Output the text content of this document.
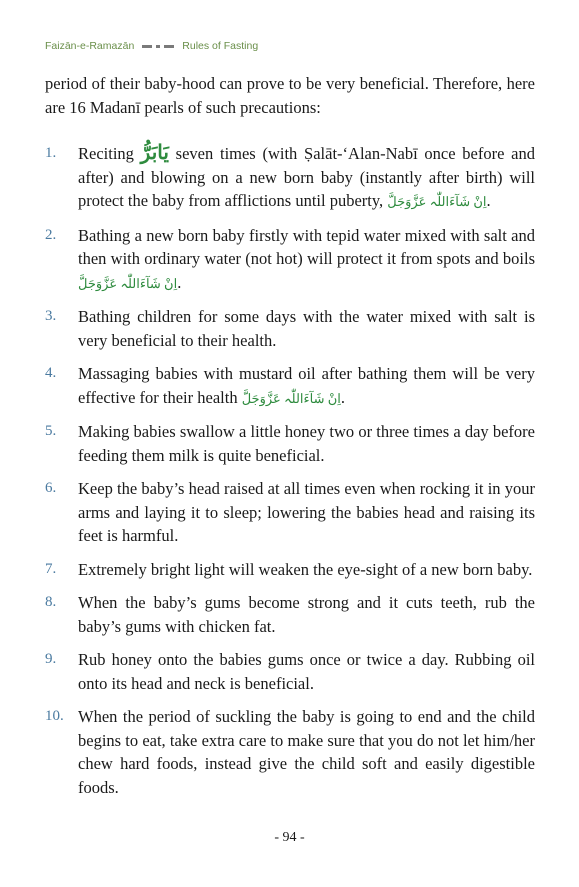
Faizān-e-Ramazān	Rules of Fasting
period of their baby-hood can prove to be very beneficial. Therefore, here are 16 Madanī pearls of such precautions:
1.	Reciting يَابَرُّ seven times (with Ṣalāt-‘Alan-Nabī once before and after) and blowing on a new born baby (instantly after birth) will protect the baby from afflictions until puberty, اِنْ شَآءَاللّٰہ عَزَّوَجَلَّ.
2.	Bathing a new born baby firstly with tepid water mixed with salt and then with ordinary water (not hot) will protect it from spots and boils اِنْ شَآءَاللّٰہ عَزَّوَجَلَّ.
3.	Bathing children for some days with the water mixed with salt is very beneficial to their health.
4.	Massaging babies with mustard oil after bathing them will be very effective for their health اِنْ شَآءَاللّٰہ عَزَّوَجَلَّ.
5.	Making babies swallow a little honey two or three times a day before feeding them milk is quite beneficial.
6.	Keep the baby’s head raised at all times even when rocking it in your arms and laying it to sleep; lowering the babies head and raising its feet is harmful.
7.	Extremely bright light will weaken the eye-sight of a new born baby.
8.	When the baby’s gums become strong and it cuts teeth, rub the baby’s gums with chicken fat.
9.	Rub honey onto the babies gums once or twice a day. Rubbing oil onto its head and neck is beneficial.
10. When the period of suckling the baby is going to end and the child begins to eat, take extra care to make sure that you do not let him/her chew hard foods, instead give the child soft and easily digestible foods.
- 94 -
